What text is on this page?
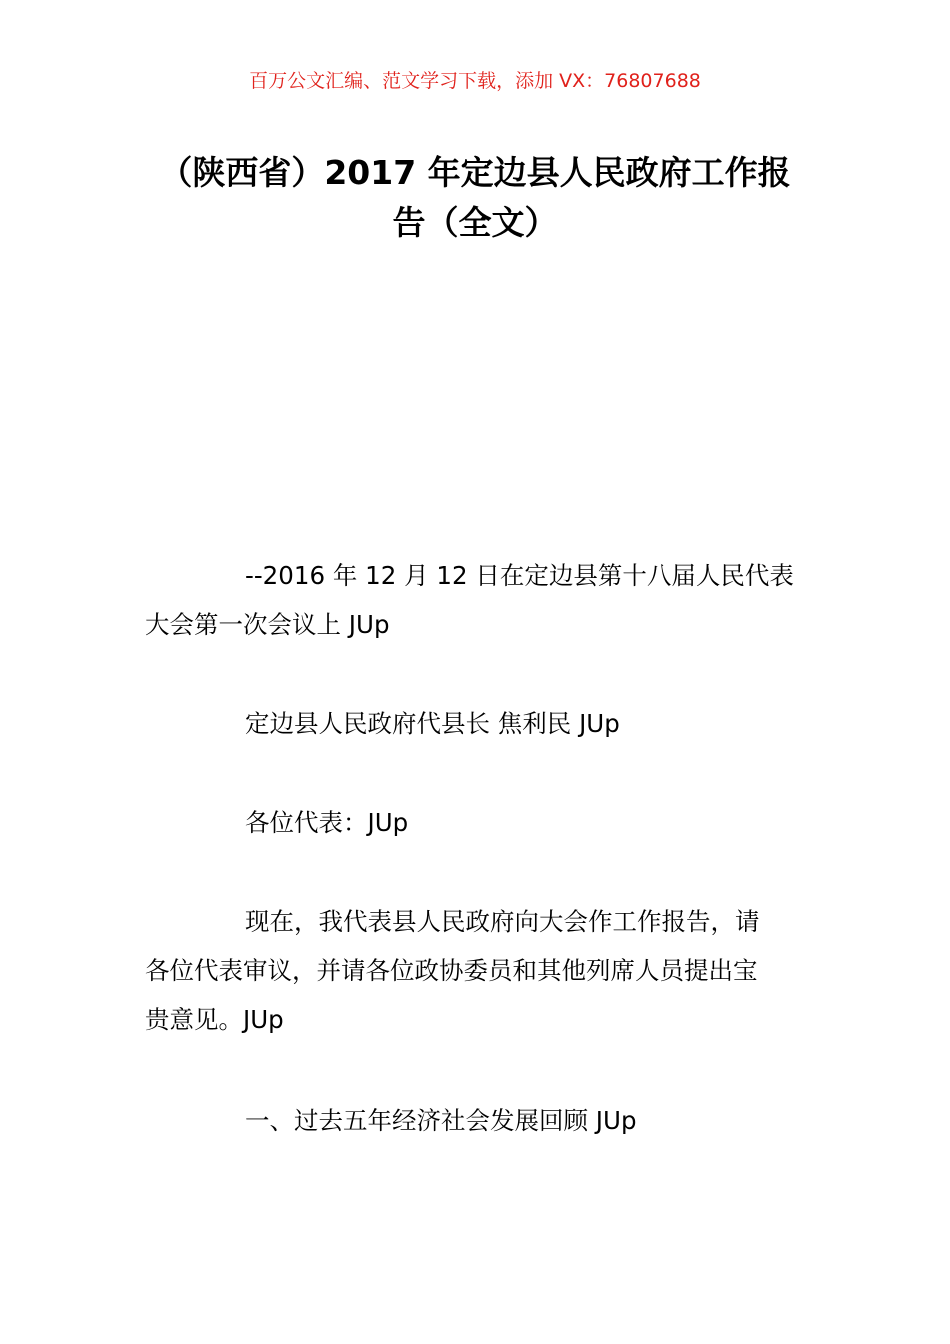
百万公文汇编、范文学习下载，添加 VX：76807688
（陕西省）2017 年定边县人民政府工作报
告（全文）

--2016 年 12 月 12 日在定边县第十八届人民代表
大会第一次会议上 JUp

定边县人民政府代县长 焦利民 JUp

各位代表：JUp

现在，我代表县人民政府向大会作工作报告，请
各位代表审议，并请各位政协委员和其他列席人员提出宝
贵意见。JUp

一、过去五年经济社会发展回顾 JUp
